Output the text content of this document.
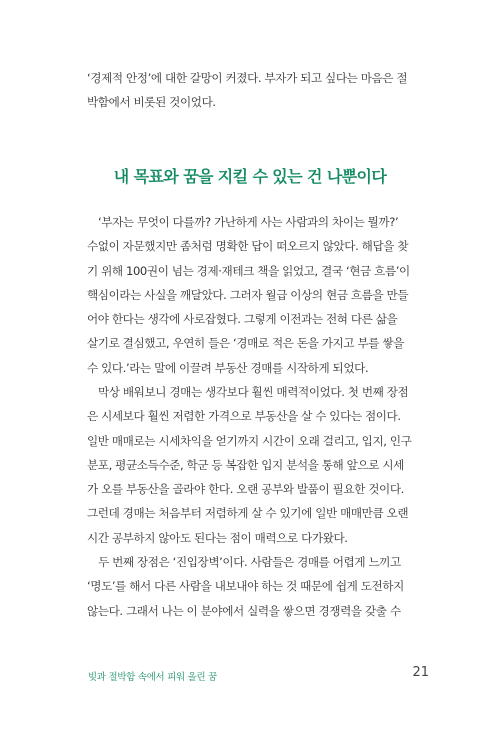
‘경제적 안정’에 대한 갈망이 커졌다. 부자가 되고 싶다는 마음은 절
박함에서 비롯된 것이었다.
내 목표와 꿈을 지킬 수 있는 건 나뿐이다
‘부자는 무엇이 다를까? 가난하게 사는 사람과의 차이는 뭘까?’
수없이 자문했지만 좀처럼 명확한 답이 떠오르지 않았다. 해답을 찾
기 위해 100권이 넘는 경제·재테크 책을 읽었고, 결국 ‘현금 흐름’이
핵심이라는 사실을 깨달았다. 그러자 월급 이상의 현금 흐름을 만들
어야 한다는 생각에 사로잡혔다. 그렇게 이전과는 전혀 다른 삶을
살기로 결심했고, 우연히 들은 ‘경매로 적은 돈을 가지고 부를 쌓을
수 있다.’라는 말에 이끌려 부동산 경매를 시작하게 되었다.
막상 배워보니 경매는 생각보다 훨씬 매력적이었다. 첫 번째 장점
은 시세보다 훨씬 저렴한 가격으로 부동산을 살 수 있다는 점이다.
일반 매매로는 시세차익을 얻기까지 시간이 오래 걸리고, 입지, 인구
분포, 평균소득수준, 학군 등 복잡한 입지 분석을 통해 앞으로 시세
가 오를 부동산을 골라야 한다. 오랜 공부와 발품이 필요한 것이다.
그런데 경매는 처음부터 저렴하게 살 수 있기에 일반 매매만큼 오랜
시간 공부하지 않아도 된다는 점이 매력으로 다가왔다.
두 번째 장점은 ‘진입장벽’이다. 사람들은 경매를 어렵게 느끼고
‘명도’를 해서 다른 사람을 내보내야 하는 것 때문에 쉽게 도전하지
않는다. 그래서 나는 이 분야에서 실력을 쌓으면 경쟁력을 갖출 수
빚과 절박함 속에서 피워 올린 꿈	21
